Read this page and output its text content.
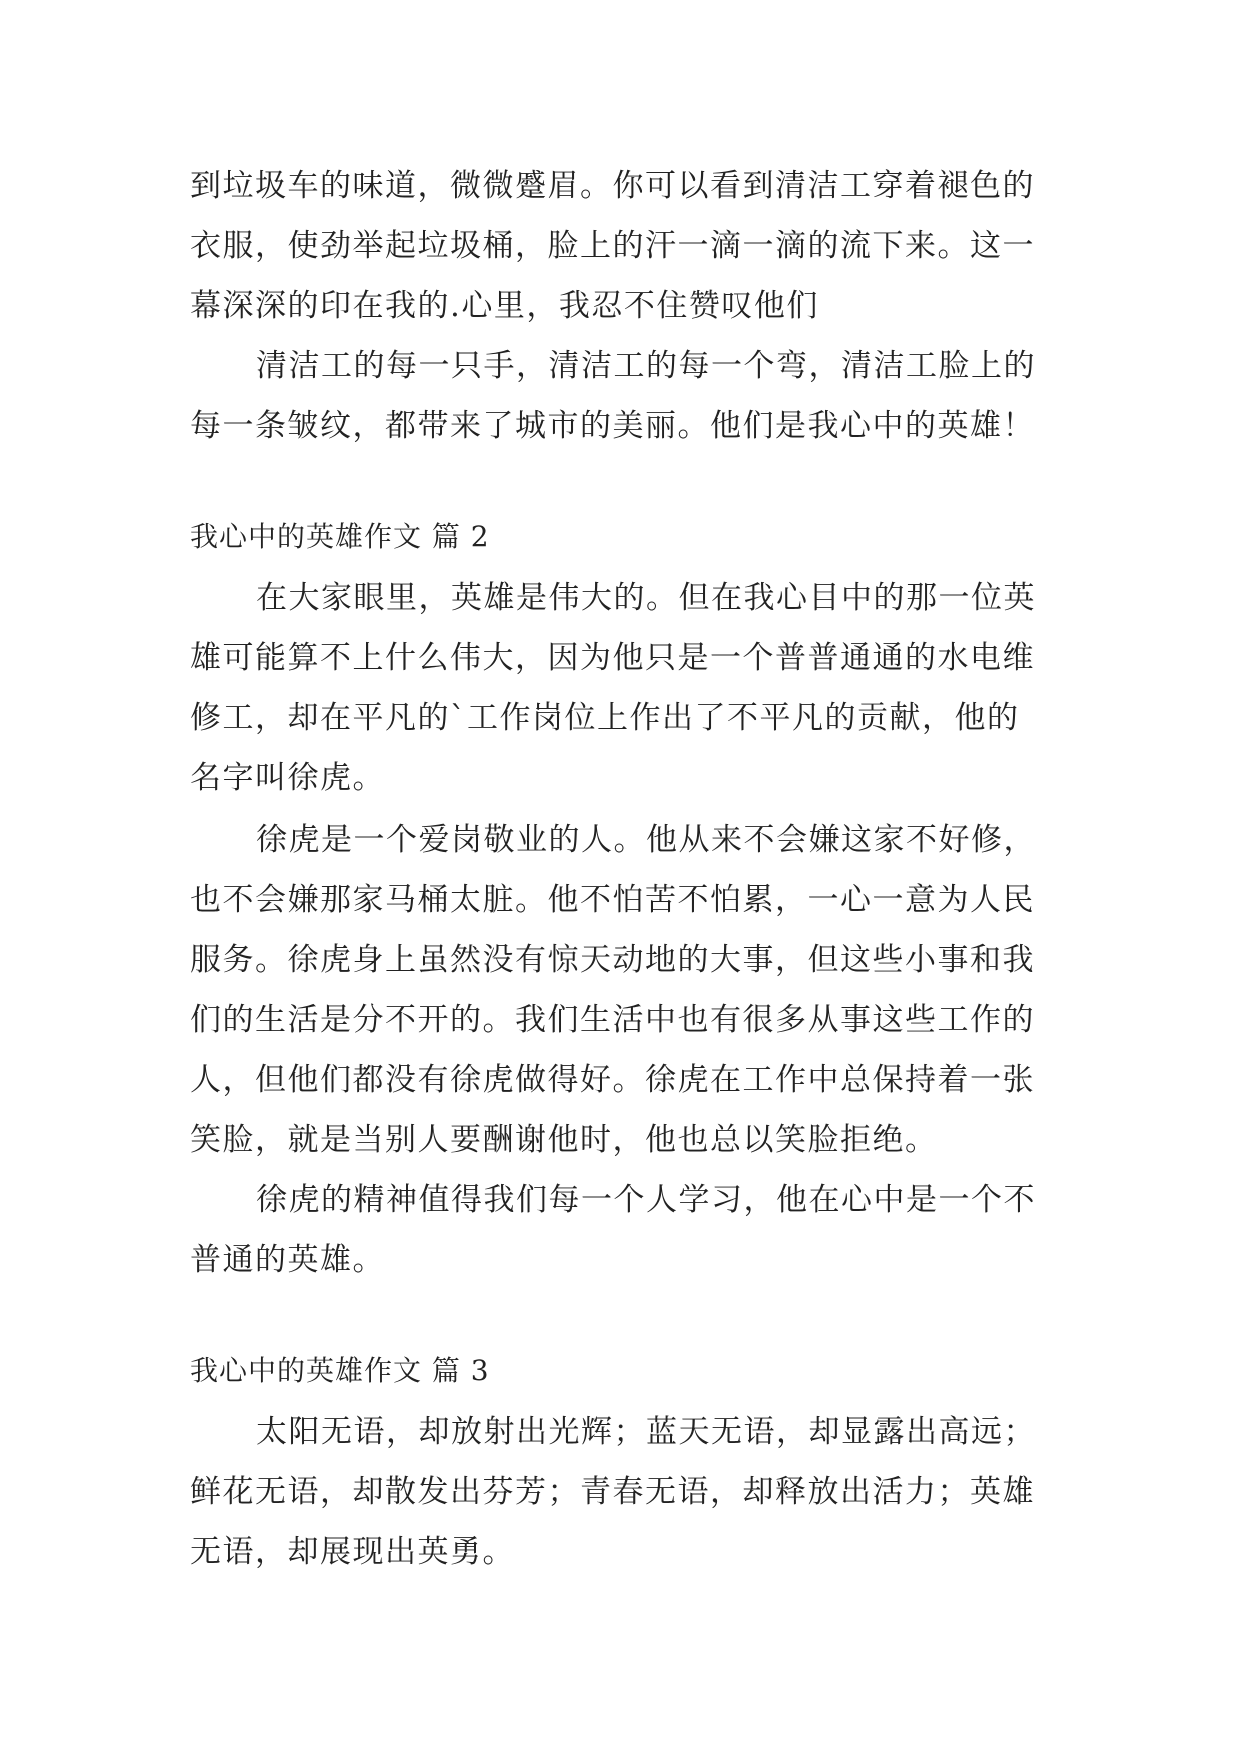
到垃圾车的味道，微微蹙眉。你可以看到清洁工穿着褪色的
衣服，使劲举起垃圾桶，脸上的汗一滴一滴的流下来。这一
幕深深的印在我的.心里，我忍不住赞叹他们
清洁工的每一只手，清洁工的每一个弯，清洁工脸上的
每一条皱纹，都带来了城市的美丽。他们是我心中的英雄！
我心中的英雄作文 篇 2
在大家眼里，英雄是伟大的。但在我心目中的那一位英
雄可能算不上什么伟大，因为他只是一个普普通通的水电维
修工，却在平凡的`工作岗位上作出了不平凡的贡献，他的
名字叫徐虎。
徐虎是一个爱岗敬业的人。他从来不会嫌这家不好修，
也不会嫌那家马桶太脏。他不怕苦不怕累，一心一意为人民
服务。徐虎身上虽然没有惊天动地的大事，但这些小事和我
们的生活是分不开的。我们生活中也有很多从事这些工作的
人，但他们都没有徐虎做得好。徐虎在工作中总保持着一张
笑脸，就是当别人要酬谢他时，他也总以笑脸拒绝。
徐虎的精神值得我们每一个人学习，他在心中是一个不
普通的英雄。
我心中的英雄作文 篇 3
太阳无语，却放射出光辉；蓝天无语，却显露出高远；
鲜花无语，却散发出芬芳；青春无语，却释放出活力；英雄
无语，却展现出英勇。
